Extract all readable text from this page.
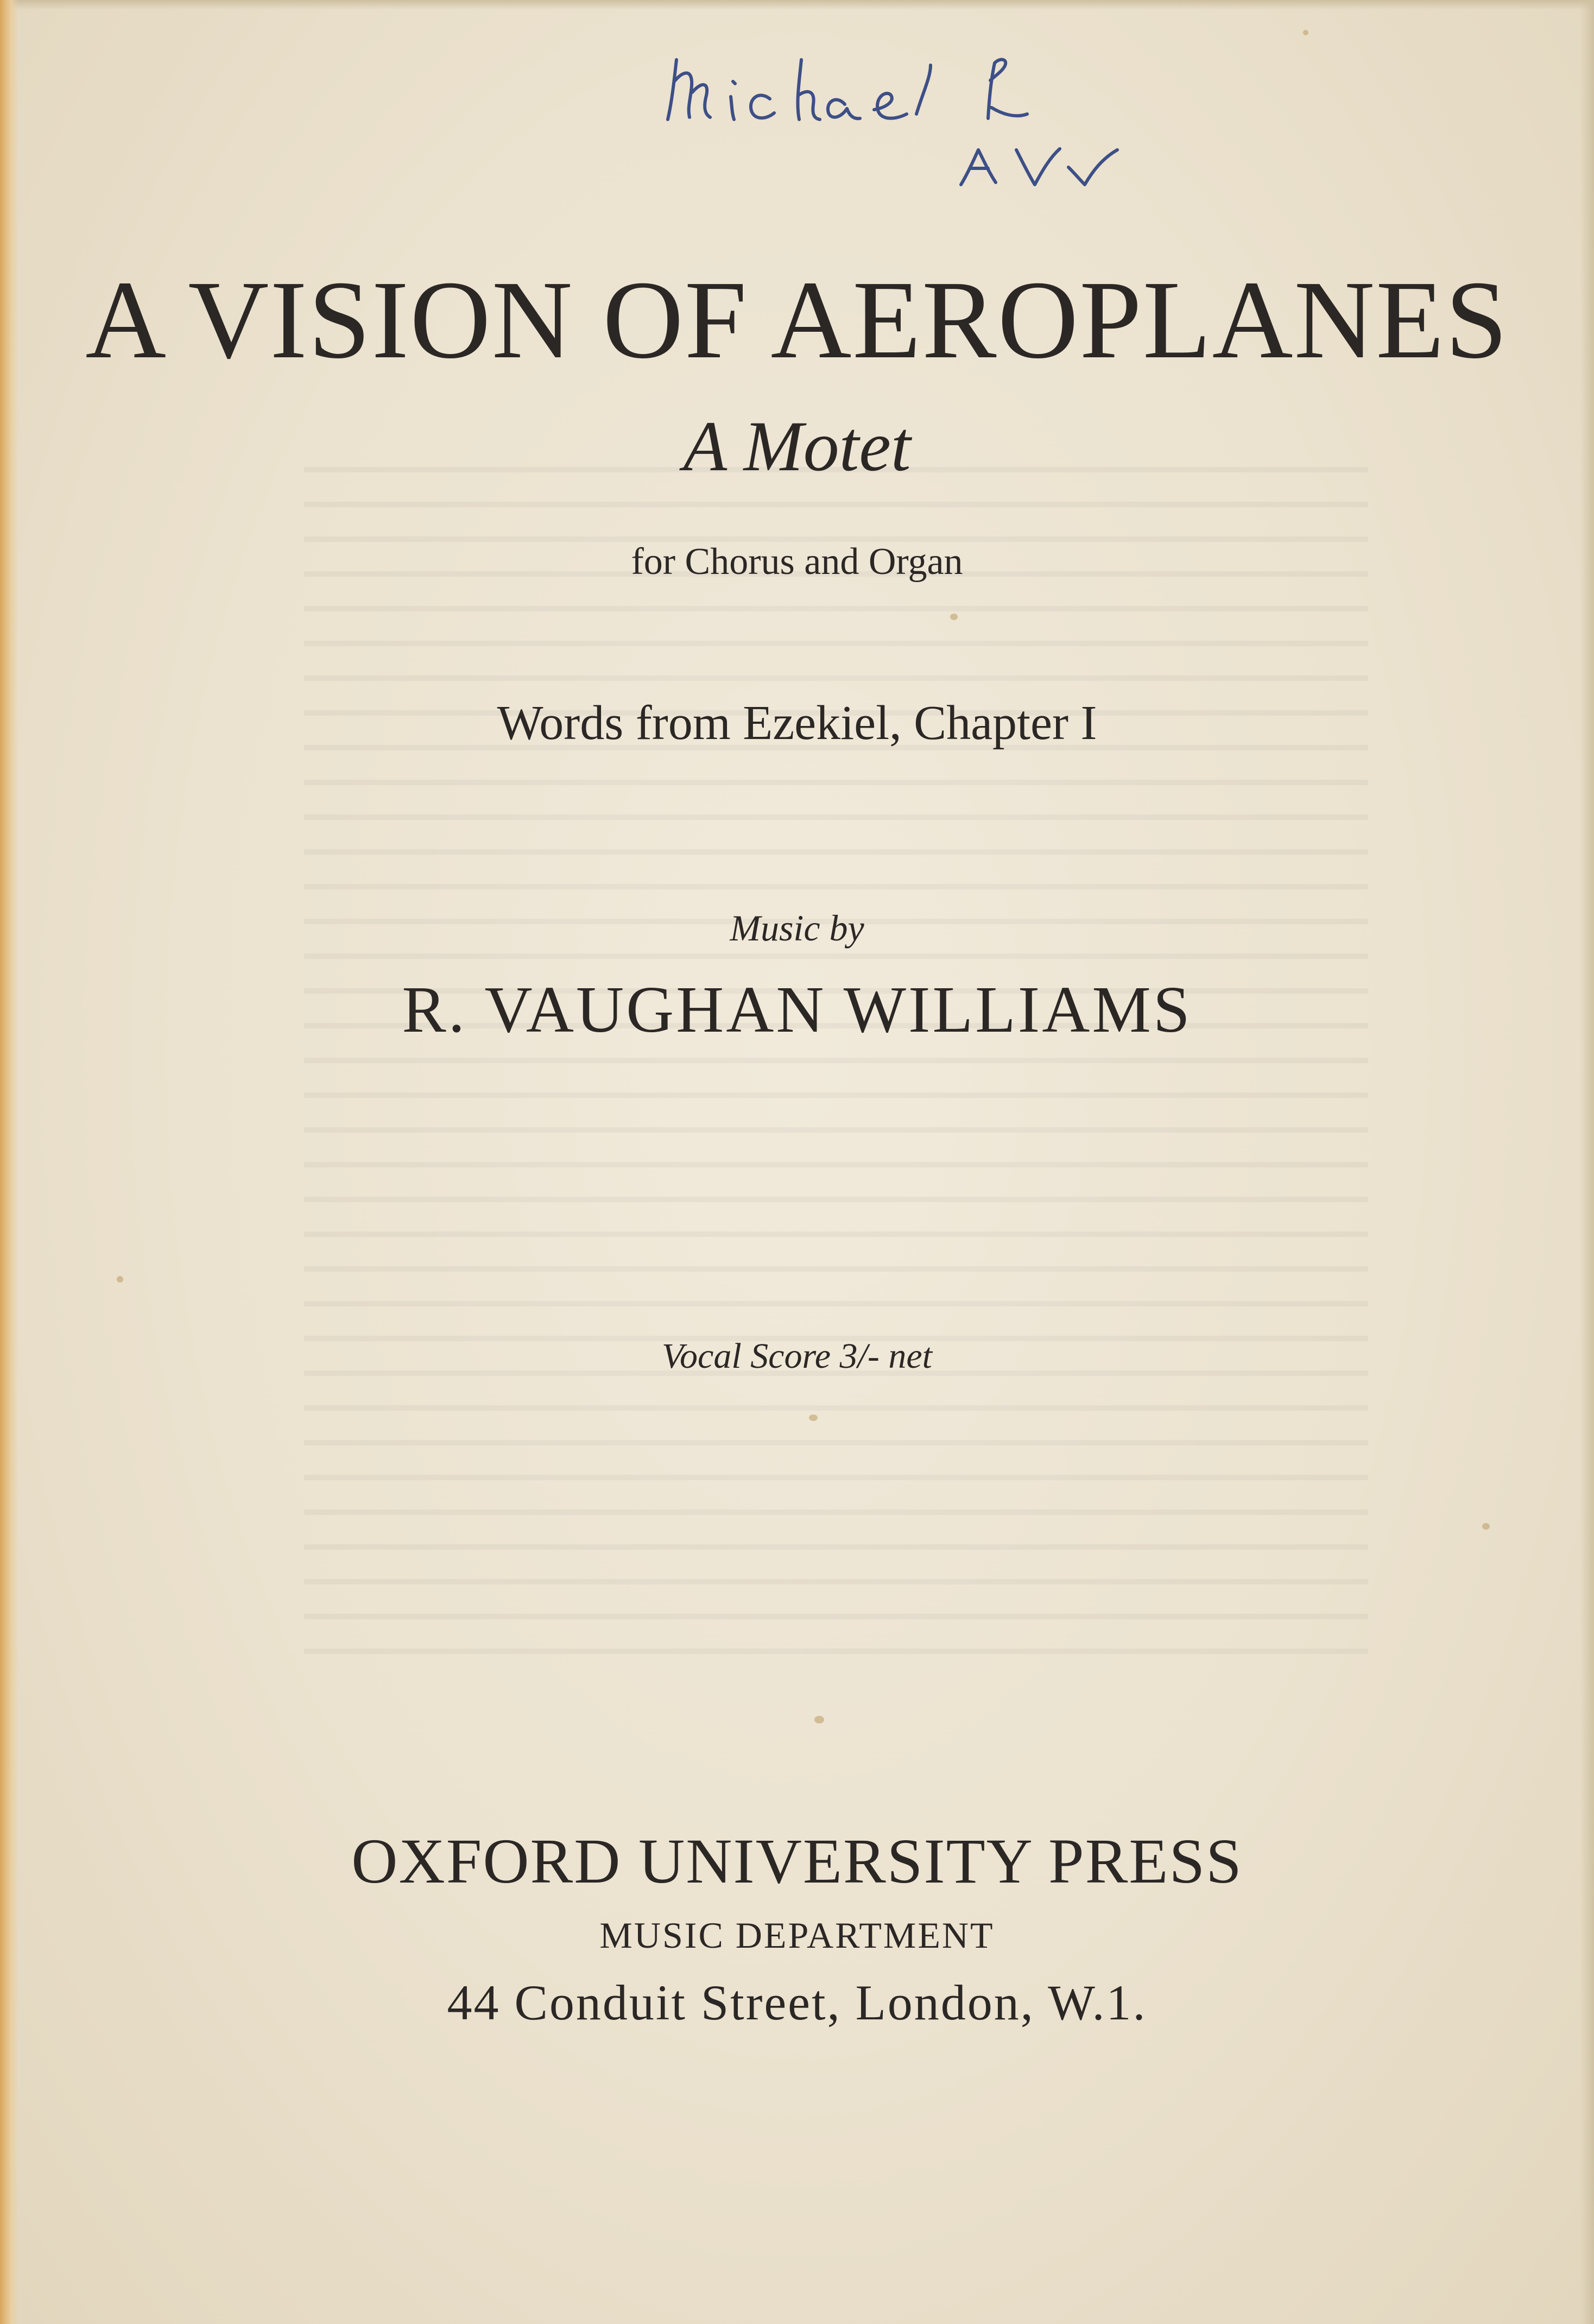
A VISION OF AEROPLANES
A Motet
for Chorus and Organ
Words from Ezekiel, Chapter I
Music by
R. VAUGHAN WILLIAMS
Vocal Score 3/- net
OXFORD UNIVERSITY PRESS
MUSIC DEPARTMENT
44 Conduit Street, London, W.1.
